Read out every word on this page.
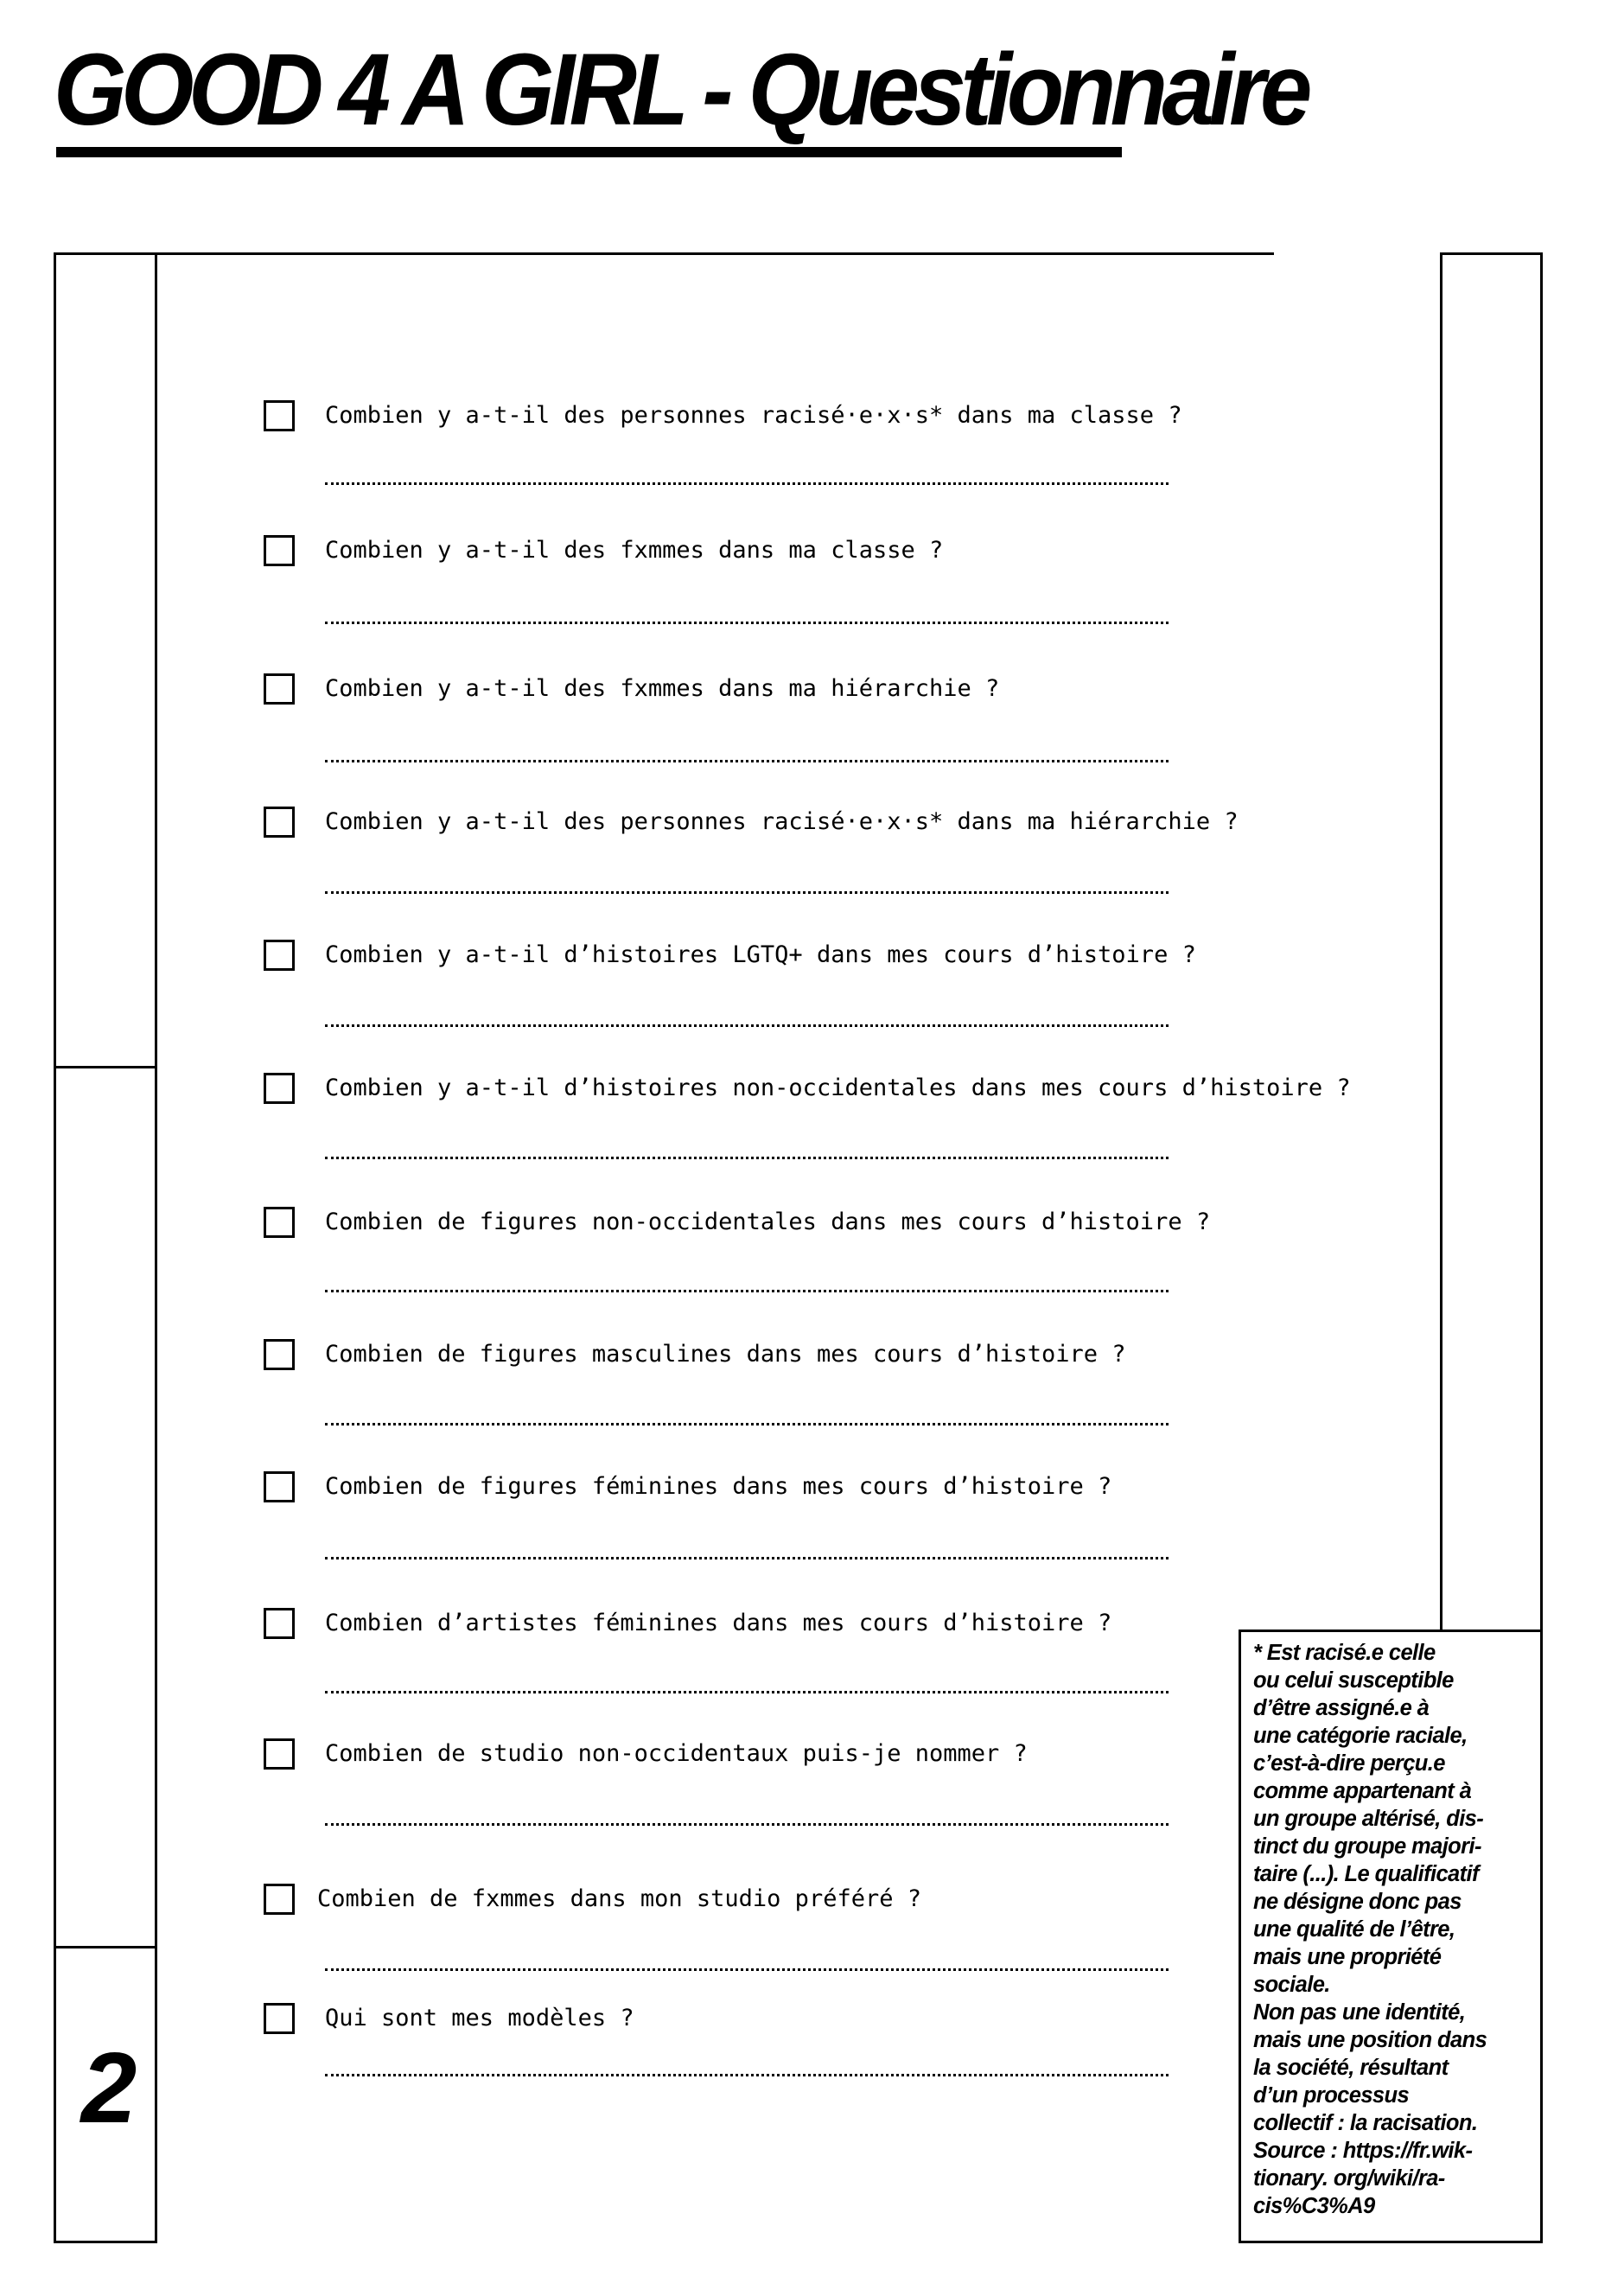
GOOD 4 A GIRL - Questionnaire
2
Combien y a-t-il des personnes racisé·e·x·s* dans ma classe ?
Combien y a-t-il des fxmmes dans ma classe ?
Combien y a-t-il des fxmmes dans ma hiérarchie ?
Combien y a-t-il des personnes racisé·e·x·s* dans ma hiérarchie ?
Combien y a-t-il d’histoires LGTQ+ dans mes cours d’histoire ?
Combien y a-t-il d’histoires non-occidentales dans mes cours d’histoire ?
Combien de figures non-occidentales dans mes cours d’histoire ?
Combien de figures masculines dans mes cours d’histoire ?
Combien de figures féminines dans mes cours d’histoire ?
Combien d’artistes féminines dans mes cours d’histoire ?
Combien de studio non-occidentaux puis-je nommer ?
Combien de fxmmes dans mon studio préféré ?
Qui sont mes modèles ?
* Est racisé.e celle
ou celui susceptible
d’être assigné.e à
une catégorie raciale,
c’est-à-dire perçu.e
comme appartenant à
un groupe altérisé, dis-
tinct du groupe majori-
taire (...). Le qualificatif
ne désigne donc pas
une qualité de l’être,
mais une propriété
sociale.
Non pas une identité,
mais une position dans
la société, résultant
d’un processus
collectif : la racisation.
Source : https://fr.wik-
tionary. org/wiki/ra-
cis%C3%A9
